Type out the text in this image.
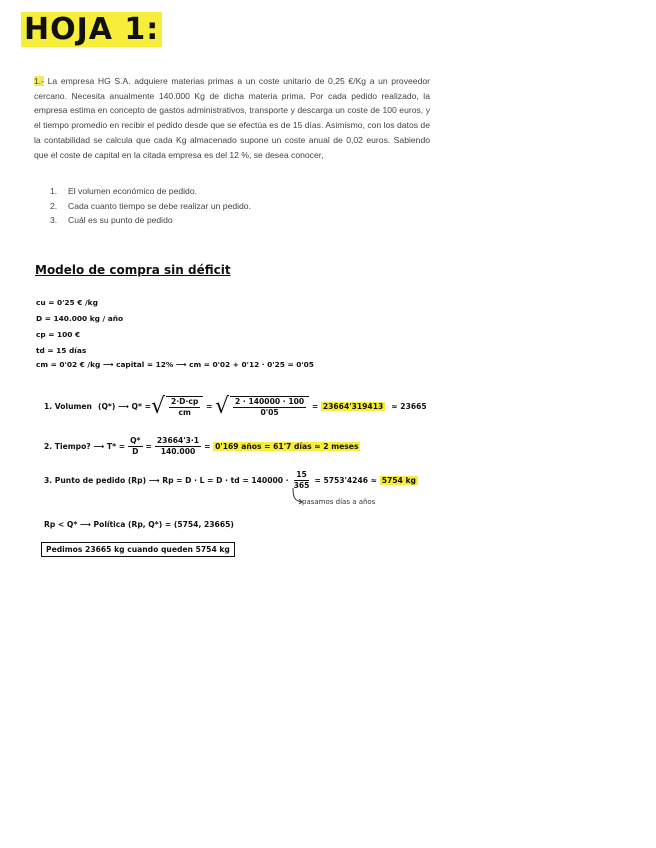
HOJA 1:
1.- La empresa HG S.A. adquiere materias primas a un coste unitario de 0,25 €/Kg a un proveedor cercano. Necesita anualmente 140.000 Kg de dicha materia prima. Por cada pedido realizado, la empresa estima en concepto de gastos administrativos, transporte y descarga un coste de 100 euros, y el tiempo promedio en recibir el pedido desde que se efectúa es de 15 días. Asimismo, con los datos de la contabilidad se calcula que cada Kg almacenado supone un coste anual de 0,02 euros. Sabiendo que el coste de capital en la citada empresa es del 12 %, se desea conocer,
1. El volumen económico de pedido.
2. Cada cuanto tiempo se debe realizar un pedido.
3. Cuál es su punto de pedido
Modelo de compra sin déficit
cu = 0'25 € /kg
D = 140.000 kg / año
cp = 100 €
td = 15 días
cm = 0'02 € /kg ⟶ capital = 12% ⟶ cm = 0'02 + 0'12 · 0'25 = 0'05
1. Volumen (Q*) ⟶ Q* = √ $\frac{2\cdot D\cdot cp}{cm}$ = √ $\frac{2 \cdot 140000 \cdot 100}{0'05} = 23664'319413 \approx 23665$
2. Tiempo? ⟶ $T* = \frac{Q*}{D} = \frac{23664'3\cdot 1}{140.000} = 0'169$ años = 61'7 días ≈ 2 meses
3. Punto de pedido (Rp) ⟶ Rp = D · L = D · td = $140000 \cdot \frac{15}{365} = 5753'4246$ ≈
5754 kg
pasamos días a años
Rp < Q* ⟶ Política (Rp, Q*) = (5754, 23665)
Pedimos 23665 kg cuando queden 5754 kg
